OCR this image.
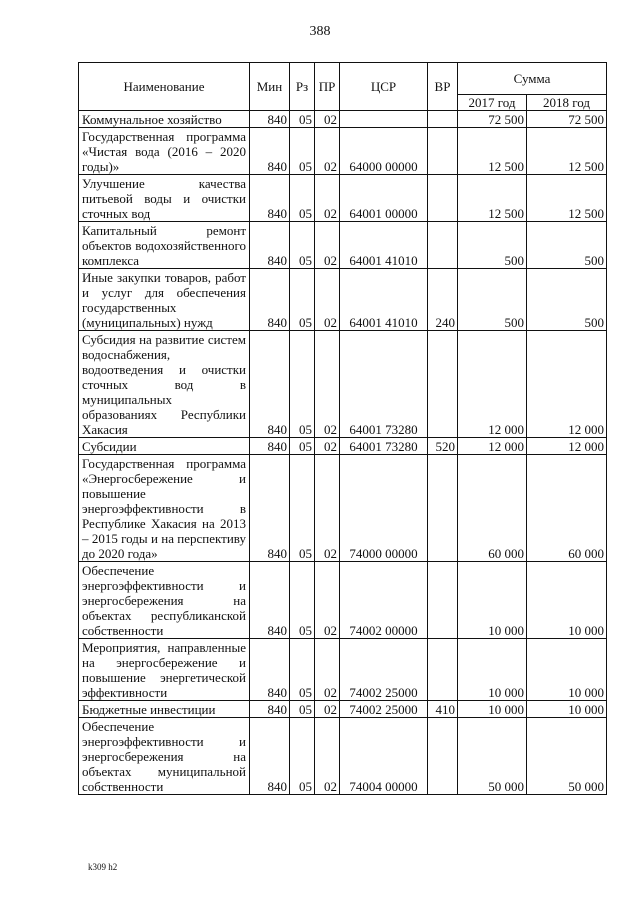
388
Наименование	Мин	Рз	ПР	ЦСР	ВР	Сумма	
						2017 год	2018 год
Коммунальное хозяйство	840	05	02			72 500	72 500
Государственная программа «Чистая вода (2016 – 2020 годы)»	840	05	02	64000 00000		12 500	12 500
Улучшение качества питьевой воды и очистки сточных вод	840	05	02	64001 00000		12 500	12 500
Капитальный ремонт объектов водохозяйственного комплекса	840	05	02	64001 41010		500	500
Иные закупки товаров, работ и услуг для обеспечения государственных (муниципальных) нужд	840	05	02	64001 41010	240	500	500
Субсидия на развитие систем водоснабжения, водоотведения и очистки сточных вод в муниципальных образованиях Республики Хакасия	840	05	02	64001 73280		12 000	12 000
Субсидии	840	05	02	64001 73280	520	12 000	12 000
Государственная программа «Энергосбережение и повышение энергоэффективности в Республике Хакасия на 2013 – 2015 годы и на перспективу до 2020 года»	840	05	02	74000 00000		60 000	60 000
Обеспечение энергоэффективности и энергосбережения на объектах республиканской собственности	840	05	02	74002 00000		10 000	10 000
Мероприятия, направленные на энергосбережение и повышение энергетической эффективности	840	05	02	74002 25000		10 000	10 000
Бюджетные инвестиции	840	05	02	74002 25000	410	10 000	10 000
Обеспечение энергоэффективности и энергосбережения на объектах муниципальной собственности	840	05	02	74004 00000		50 000	50 000
k309 h2
